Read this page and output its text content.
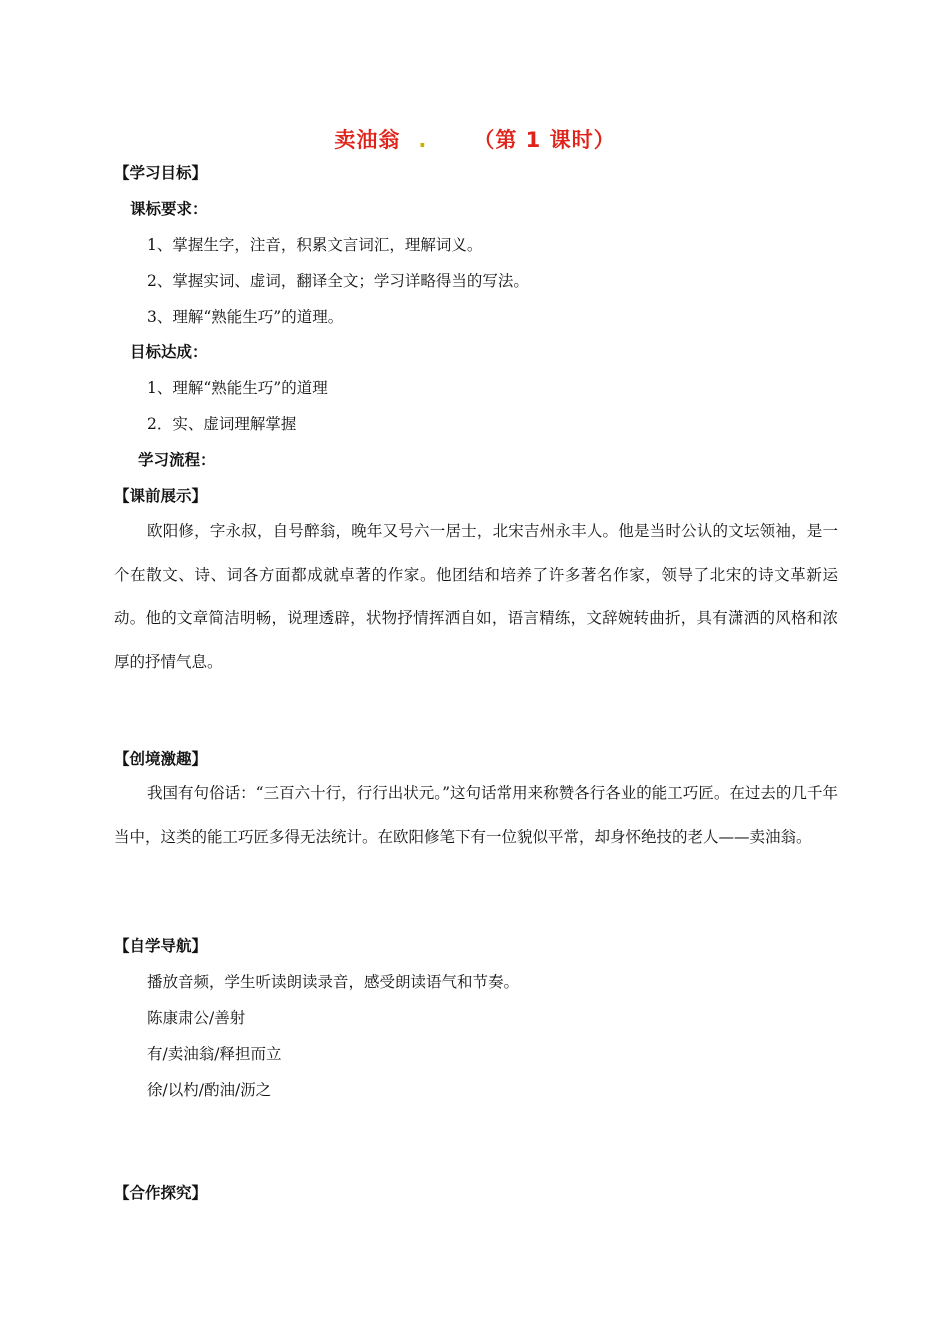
卖油翁 . （第 1 课时）
【学习目标】
课标要求：
1、掌握生字，注音，积累文言词汇，理解词义。
2、掌握实词、虚词，翻译全文；学习详略得当的写法。
3、理解“熟能生巧”的道理。
目标达成：
1、理解“熟能生巧”的道理
2．实、虚词理解掌握
学习流程：
【课前展示】
欧阳修，字永叔，自号醉翁，晚年又号六一居士，北宋吉州永丰人。他是当时公认的文坛领袖，是一个在散文、诗、词各方面都成就卓著的作家。他团结和培养了许多著名作家，领导了北宋的诗文革新运动。他的文章简洁明畅，说理透辟，状物抒情挥洒自如，语言精练，文辞婉转曲折，具有潇洒的风格和浓厚的抒情气息。
【创境激趣】
我国有句俗话：“三百六十行，行行出状元。”这句话常用来称赞各行各业的能工巧匠。在过去的几千年当中，这类的能工巧匠多得无法统计。在欧阳修笔下有一位貌似平常，却身怀绝技的老人——卖油翁。
【自学导航】
播放音频，学生听读朗读录音，感受朗读语气和节奏。
陈康肃公/善射
有/卖油翁/释担而立
徐/以杓/酌油/沥之
【合作探究】
